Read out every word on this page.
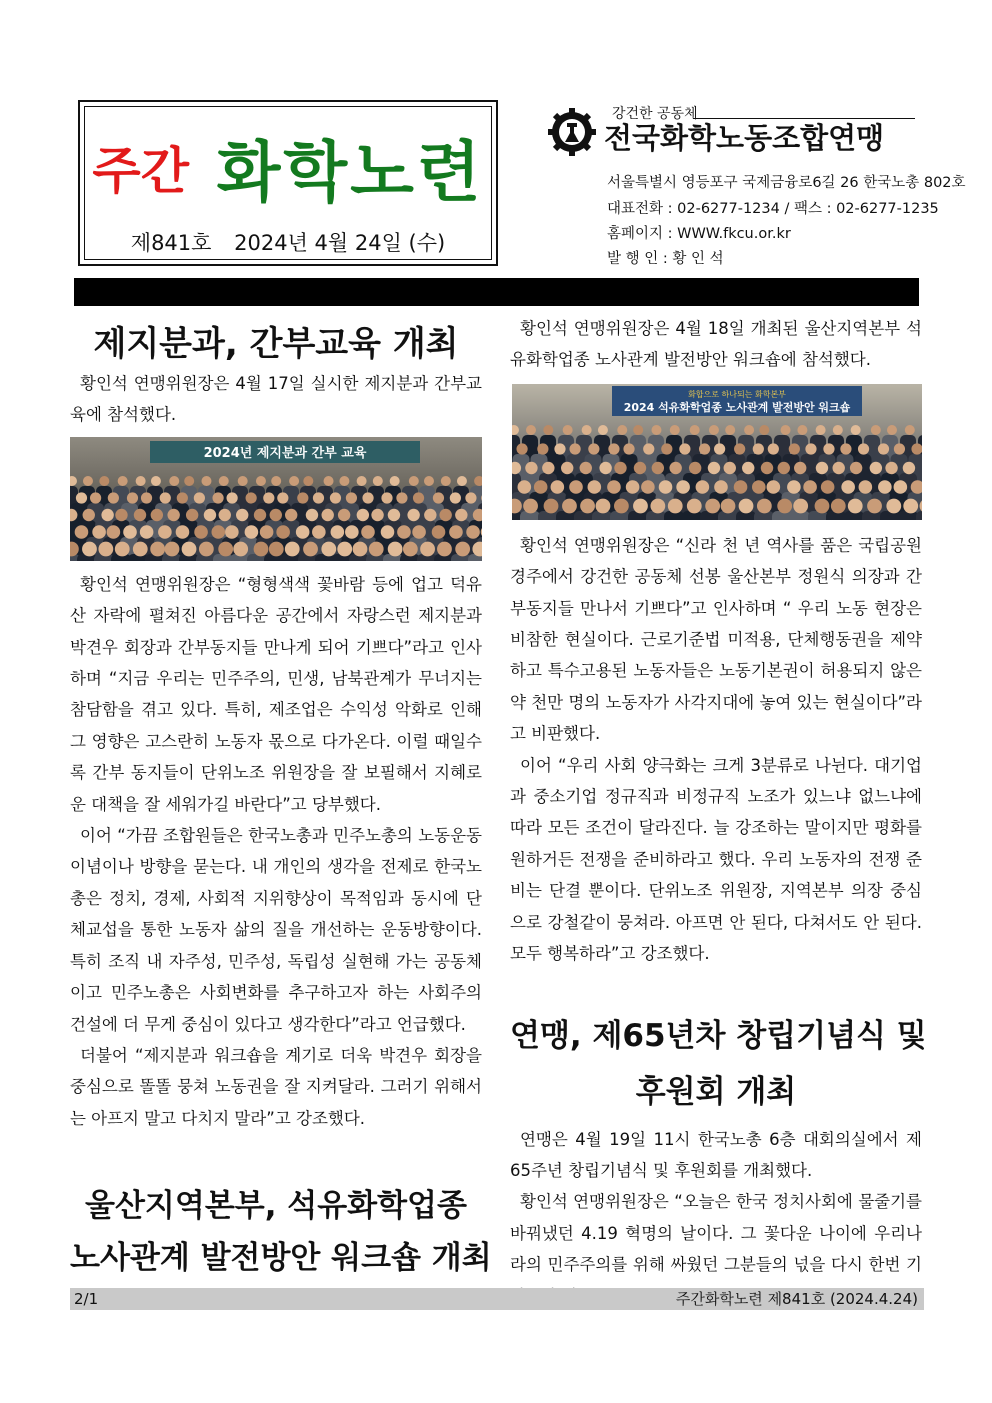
주간 화학노련
제841호 2024년 4월 24일 (수)
강건한 공동체
전국화학노동조합연맹
서울특별시 영등포구 국제금융로6길 26 한국노총 802호
대표전화 : 02-6277-1234 / 팩스 : 02-6277-1235
홈페이지 : WWW.fkcu.or.kr
발 행 인 : 황 인 석
제지분과, 간부교육 개최

황인석 연맹위원장은 4월 17일 실시한 제지분과 간부교육에 참석했다.

2024년 제지분과 간부 교육

황인석 연맹위원장은 “형형색색 꽃바람 등에 업고 덕유산 자락에 펼쳐진 아름다운 공간에서 자랑스런 제지분과 박견우 회장과 간부동지들 만나게 되어 기쁘다”라고 인사하며 “지금 우리는 민주주의, 민생, 남북관계가 무너지는 참담함을 겪고 있다. 특히, 제조업은 수익성 악화로 인해 그 영향은 고스란히 노동자 몫으로 다가온다. 이럴 때일수록 간부 동지들이 단위노조 위원장을 잘 보필해서 지혜로운 대책을 잘 세워가길 바란다”고 당부했다.

이어 “가끔 조합원들은 한국노총과 민주노총의 노동운동 이념이나 방향을 묻는다. 내 개인의 생각을 전제로 한국노총은 정치, 경제, 사회적 지위향상이 목적임과 동시에 단체교섭을 통한 노동자 삶의 질을 개선하는 운동방향이다. 특히 조직 내 자주성, 민주성, 독립성 실현해 가는 공동체이고 민주노총은 사회변화를 추구하고자 하는 사회주의 건설에 더 무게 중심이 있다고 생각한다”라고 언급했다.

더불어 “제지분과 워크숍을 계기로 더욱 박견우 회장을 중심으로 똘똘 뭉쳐 노동권을 잘 지켜달라. 그러기 위해서는 아프지 말고 다치지 말라”고 강조했다.

울산지역본부, 석유화학업종
노사관계 발전방안 워크숍 개최

황인석 연맹위원장은 4월 18일 개최된 울산지역본부 석유화학업종 노사관계 발전방안 워크숍에 참석했다.

화합으로 하나되는 화학본부
2024 석유화학업종 노사관계 발전방안 워크숍

황인석 연맹위원장은 “신라 천 년 역사를 품은 국립공원 경주에서 강건한 공동체 선봉 울산본부 정원식 의장과 간부동지들 만나서 기쁘다”고 인사하며 “ 우리 노동 현장은 비참한 현실이다. 근로기준법 미적용, 단체행동권을 제약하고 특수고용된 노동자들은 노동기본권이 허용되지 않은 약 천만 명의 노동자가 사각지대에 놓여 있는 현실이다”라고 비판했다.

이어 “우리 사회 양극화는 크게 3분류로 나뉜다. 대기업과 중소기업 정규직과 비정규직 노조가 있느냐 없느냐에 따라 모든 조건이 달라진다. 늘 강조하는 말이지만 평화를 원하거든 전쟁을 준비하라고 했다. 우리 노동자의 전쟁 준비는 단결 뿐이다. 단위노조 위원장, 지역본부 의장 중심으로 강철같이 뭉쳐라. 아프면 안 된다, 다쳐서도 안 된다. 모두 행복하라”고 강조했다.

연맹, 제65년차 창립기념식 및
후원회 개최

연맹은 4월 19일 11시 한국노총 6층 대회의실에서 제65주년 창립기념식 및 후원회를 개최했다.

황인석 연맹위원장은 “오늘은 한국 정치사회에 물줄기를 바꿔냈던 4.19 혁명의 날이다. 그 꽃다운 나이에 우리나라의 민주주의를 위해 싸웠던 그분들의 넋을 다시 한번 기

2/1	주간화학노련 제841호 (2024.4.24)
